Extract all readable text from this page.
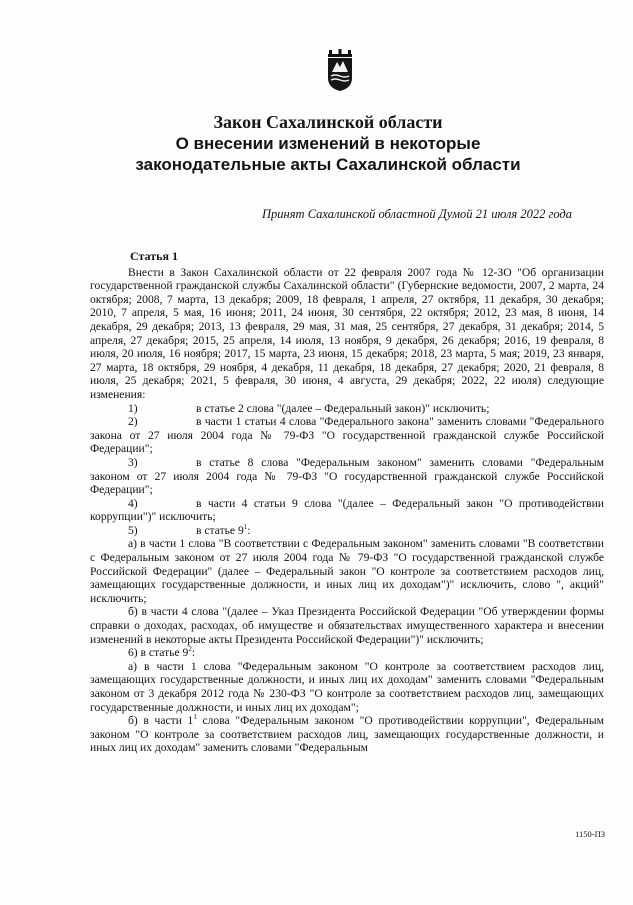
Закон Сахалинской области

О внесении изменений в некоторые

законодательные акты Сахалинской области

Принят Сахалинской областной Думой 21 июля 2022 года
Статья 1

Внести в Закон Сахалинской области от 22 февраля 2007 года № 12-ЗО "Об организации государственной гражданской службы Сахалинской области" (Губернские ведомости, 2007, 2 марта, 24 октября; 2008, 7 марта, 13 декабря; 2009, 18 февраля, 1 апреля, 27 октября, 11 декабря, 30 декабря; 2010, 7 апреля, 5 мая, 16 июня; 2011, 24 июня, 30 сентября, 22 октября; 2012, 23 мая, 8 июня, 14 декабря, 29 декабря; 2013, 13 февраля, 29 мая, 31 мая, 25 сентября, 27 декабря, 31 декабря; 2014, 5 апреля, 27 декабря; 2015, 25 апреля, 14 июля, 13 ноября, 9 декабря, 26 декабря; 2016, 19 февраля, 8 июля, 20 июля, 16 ноября; 2017, 15 марта, 23 июня, 15 декабря; 2018, 23 марта, 5 мая; 2019, 23 января, 27 марта, 18 октября, 29 ноября, 4 декабря, 11 декабря, 18 декабря, 27 декабря; 2020, 21 февраля, 8 июля, 25 декабря; 2021, 5 февраля, 30 июня, 4 августа, 29 декабря; 2022, 22 июля) следующие изменения:

1)	в статье 2 слова "(далее – Федеральный закон)" исключить;

2)	в части 1 статьи 4 слова "Федерального закона" заменить словами "Федерального закона от 27 июля 2004 года № 79-ФЗ "О государственной гражданской службе Российской Федерации";

3)	в статье 8 слова "Федеральным законом" заменить словами "Федеральным законом от 27 июля 2004 года № 79-ФЗ "О государственной гражданской службе Российской Федерации";

4)	в части 4 статьи 9 слова "(далее – Федеральный закон "О противодействии коррупции")" исключить;

5)	в статье $9^1$:

а) в части 1 слова "В соответствии с Федеральным законом" заменить словами "В соответствии с Федеральным законом от 27 июля 2004 года № 79-ФЗ "О государственной гражданской службе Российской Федерации" (далее – Федеральный закон "О контроле за соответствием расходов лиц, замещающих государственные должности, и иных лиц их доходам")" исключить, слово ", акций" исключить;

б) в части 4 слова "(далее – Указ Президента Российской Федерации "Об утверждении формы справки о доходах, расходах, об имуществе и обязательствах имущественного характера и внесении изменений в некоторые акты Президента Российской Федерации")" исключить;

6) в статье $9^2$:

а) в части 1 слова "Федеральным законом "О контроле за соответствием расходов лиц, замещающих государственные должности, и иных лиц их доходам" заменить словами "Федеральным законом от 3 декабря 2012 года № 230-ФЗ "О контроле за соответствием расходов лиц, замещающих государственные должности, и иных лиц их доходам";

б) в части $1^1$ слова "Федеральным законом "О противодействии коррупции", Федеральным законом "О контроле за соответствием расходов лиц, замещающих государственные должности, и иных лиц их доходам" заменить словами "Федеральным

1150-ПЗ
